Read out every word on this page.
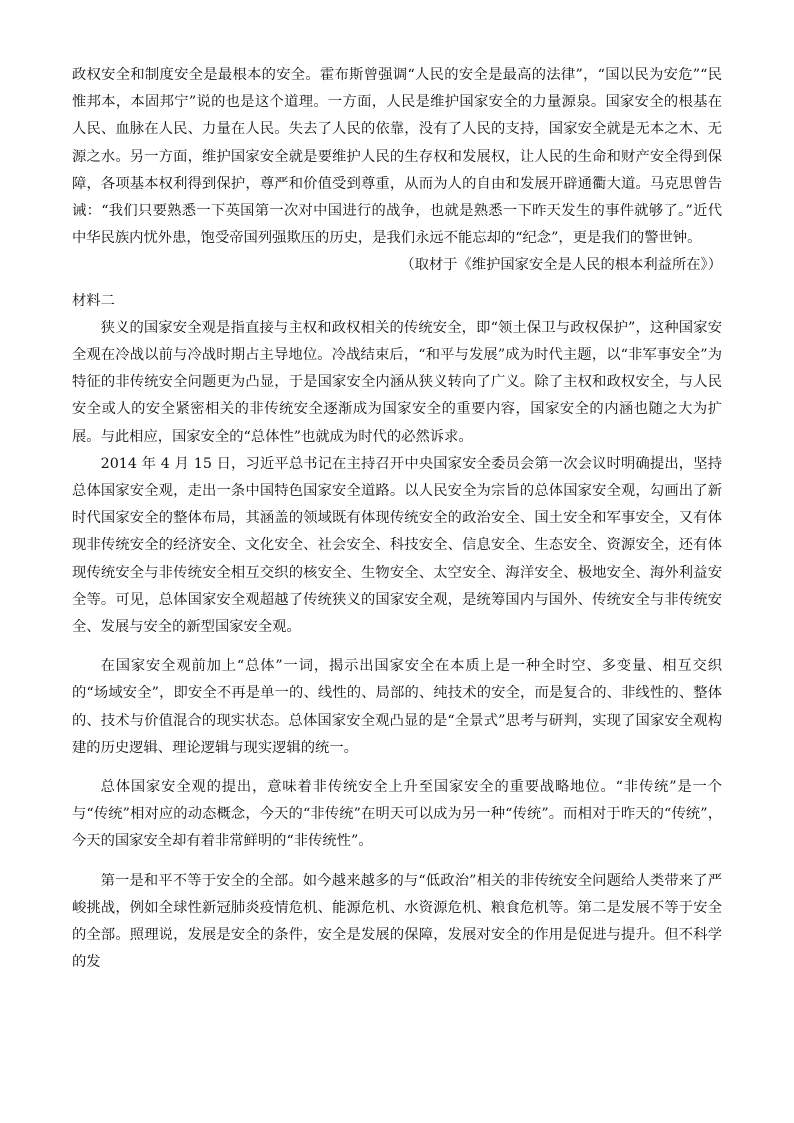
政权安全和制度安全是最根本的安全。霍布斯曾强调“人民的安全是最高的法律”，“国以民为安危”“民惟邦本，本固邦宁”说的也是这个道理。一方面，人民是维护国家安全的力量源泉。国家安全的根基在人民、血脉在人民、力量在人民。失去了人民的依靠，没有了人民的支持，国家安全就是无本之木、无源之水。另一方面，维护国家安全就是要维护人民的生存权和发展权，让人民的生命和财产安全得到保障，各项基本权利得到保护，尊严和价值受到尊重，从而为人的自由和发展开辟通衢大道。马克思曾告诫：“我们只要熟悉一下英国第一次对中国进行的战争，也就是熟悉一下昨天发生的事件就够了。”近代中华民族内忧外患，饱受帝国列强欺压的历史，是我们永远不能忘却的“纪念”，更是我们的警世钟。

（取材于《维护国家安全是人民的根本利益所在》）

材料二

狭义的国家安全观是指直接与主权和政权相关的传统安全，即“领土保卫与政权保护”，这种国家安全观在冷战以前与冷战时期占主导地位。冷战结束后，“和平与发展”成为时代主题，以“非军事安全”为特征的非传统安全问题更为凸显，于是国家安全内涵从狭义转向了广义。除了主权和政权安全，与人民安全或人的安全紧密相关的非传统安全逐渐成为国家安全的重要内容，国家安全的内涵也随之大为扩展。与此相应，国家安全的“总体性”也就成为时代的必然诉求。

2014 年 4 月 15 日，习近平总书记在主持召开中央国家安全委员会第一次会议时明确提出，坚持总体国家安全观，走出一条中国特色国家安全道路。以人民安全为宗旨的总体国家安全观，勾画出了新时代国家安全的整体布局，其涵盖的领域既有体现传统安全的政治安全、国土安全和军事安全，又有体现非传统安全的经济安全、文化安全、社会安全、科技安全、信息安全、生态安全、资源安全，还有体现传统安全与非传统安全相互交织的核安全、生物安全、太空安全、海洋安全、极地安全、海外利益安全等。可见，总体国家安全观超越了传统狭义的国家安全观，是统筹国内与国外、传统安全与非传统安全、发展与安全的新型国家安全观。

在国家安全观前加上“总体”一词，揭示出国家安全在本质上是一种全时空、多变量、相互交织的“场域安全”，即安全不再是单一的、线性的、局部的、纯技术的安全，而是复合的、非线性的、整体的、技术与价值混合的现实状态。总体国家安全观凸显的是“全景式”思考与研判，实现了国家安全观构建的历史逻辑、理论逻辑与现实逻辑的统一。

总体国家安全观的提出，意味着非传统安全上升至国家安全的重要战略地位。“非传统”是一个与“传统”相对应的动态概念，今天的“非传统”在明天可以成为另一种“传统”。而相对于昨天的“传统”，今天的国家安全却有着非常鲜明的“非传统性”。

第一是和平不等于安全的全部。如今越来越多的与“低政治”相关的非传统安全问题给人类带来了严峻挑战，例如全球性新冠肺炎疫情危机、能源危机、水资源危机、粮食危机等。第二是发展不等于安全的全部。照理说，发展是安全的条件，安全是发展的保障，发展对安全的作用是促进与提升。但不科学的发
